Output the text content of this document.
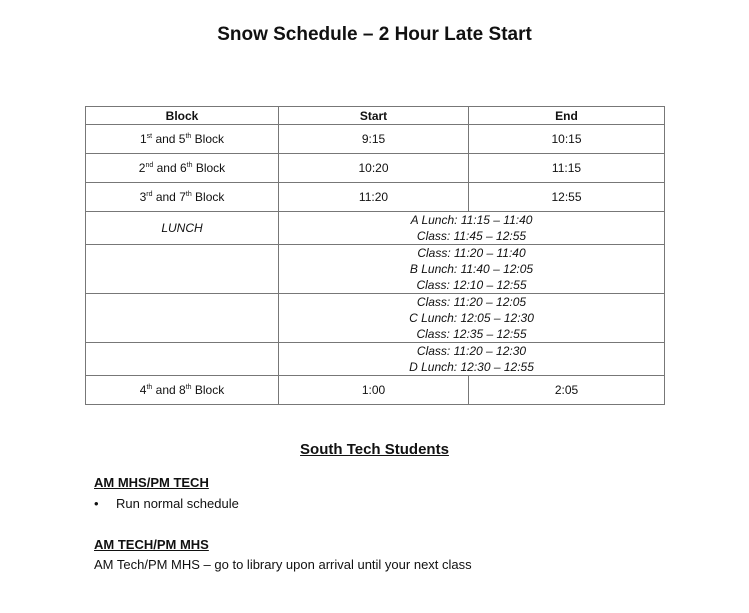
Snow Schedule – 2 Hour Late Start
Block	Start	End
1st and 5th Block	9:15	10:15
2nd and 6th Block	10:20	11:15
3rd and 7th Block	11:20	12:55
LUNCH	A Lunch: 11:15 – 11:40
Class: 11:45 – 12:55	

	Class: 11:20 – 11:40
B Lunch: 11:40 – 12:05
Class: 12:10 – 12:55	

	Class: 11:20 – 12:05
C Lunch: 12:05 – 12:30
Class: 12:35 – 12:55	

	Class: 11:20 – 12:30
D Lunch: 12:30 – 12:55	

4th and 8th Block	1:00	2:05
South Tech Students
AM MHS/PM TECH
• Run normal schedule
AM TECH/PM MHS
AM Tech/PM MHS – go to library upon arrival until your next class
